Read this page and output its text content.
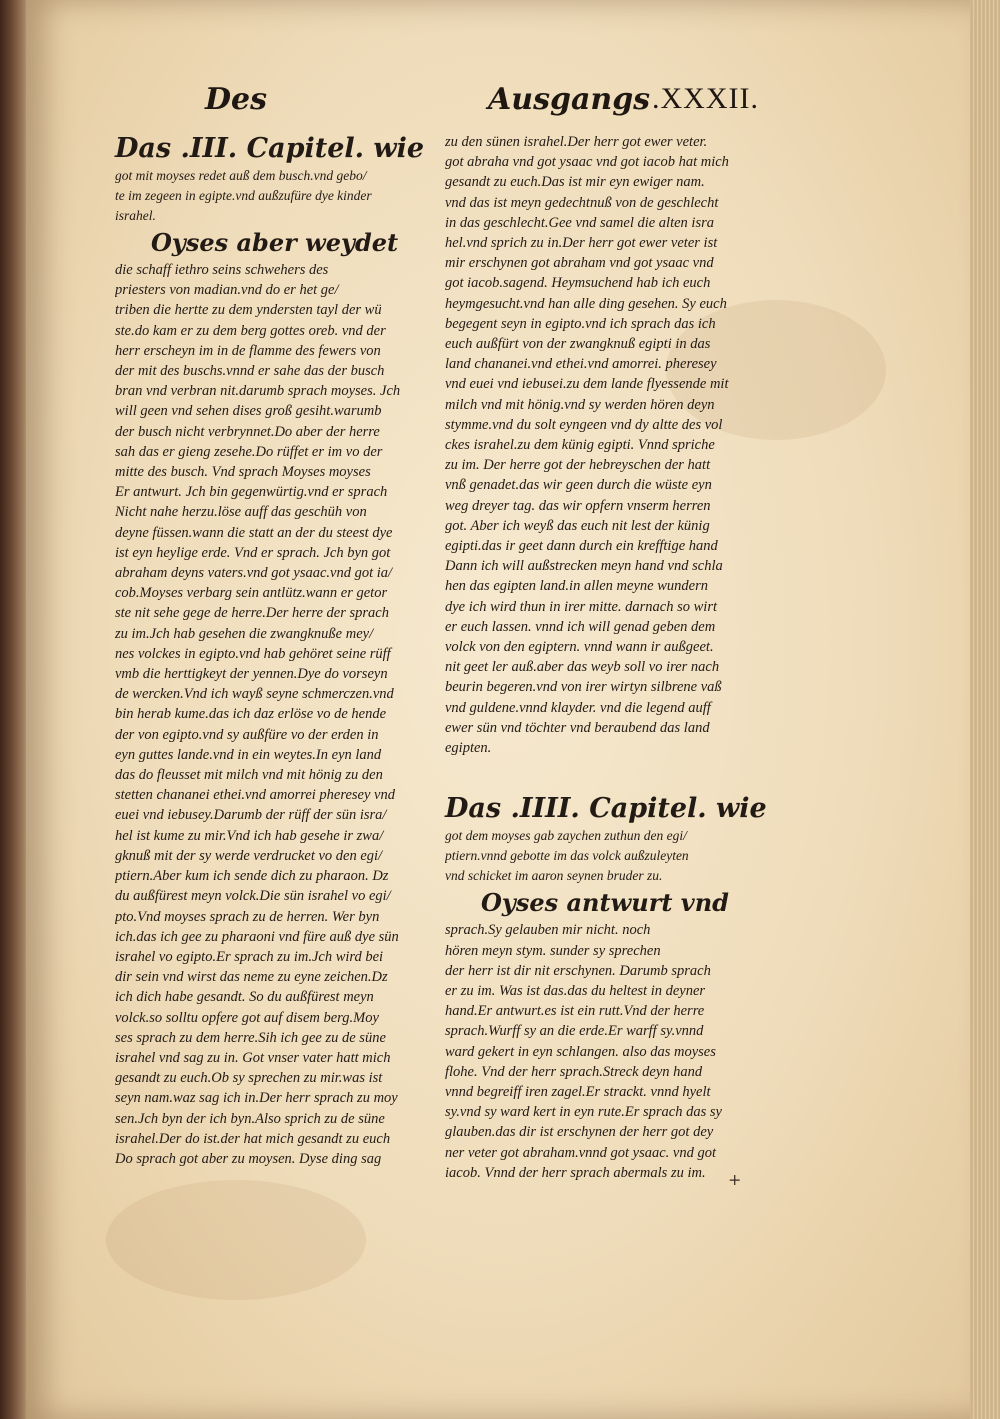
Des	Ausgangs .XXXII.
Das .III. Capitel. wie
got mit moyses redet auß dem busch.vnd gebo/
te im zegeen in egipte.vnd außzufüre dye kinder
israhel.
Oyses aber weydet
die schaff iethro seins schwehers des
priesters von madian.vnd do er het ge/
triben die hertte zu dem yndersten tayl der wü
ste.do kam er zu dem berg gottes oreb. vnd der
herr erscheyn im in de flamme des fewers von
der mit des buschs.vnnd er sahe das der busch
bran vnd verbran nit.darumb sprach moyses. Jch
will geen vnd sehen dises groß gesiht.warumb
der busch nicht verbrynnet.Do aber der herre
sah das er gieng zesehe.Do rüffet er im vo der
mitte des busch. Vnd sprach Moyses moyses
Er antwurt. Jch bin gegenwürtig.vnd er sprach
Nicht nahe herzu.löse auff das geschüh von
deyne füssen.wann die statt an der du steest dye
ist eyn heylige erde. Vnd er sprach. Jch byn got
abraham deyns vaters.vnd got ysaac.vnd got ia/
cob.Moyses verbarg sein antlütz.wann er getor
ste nit sehe gege de herre.Der herre der sprach
zu im.Jch hab gesehen die zwangknuße mey/
nes volckes in egipto.vnd hab gehöret seine rüff
vmb die herttigkeyt der yennen.Dye do vorseyn
de wercken.Vnd ich wayß seyne schmerczen.vnd
bin herab kume.das ich daz erlöse vo de hende
der von egipto.vnd sy außfüre vo der erden in
eyn guttes lande.vnd in ein weytes.In eyn land
das do fleusset mit milch vnd mit hönig zu den
stetten chananei ethei.vnd amorrei pheresey vnd
euei vnd iebusey.Darumb der rüff der sün isra/
hel ist kume zu mir.Vnd ich hab gesehe ir zwa/
gknuß mit der sy werde verdrucket vo den egi/
ptiern.Aber kum ich sende dich zu pharaon. Dz
du außfürest meyn volck.Die sün israhel vo egi/
pto.Vnd moyses sprach zu de herren. Wer byn
ich.das ich gee zu pharaoni vnd füre auß dye sün
israhel vo egipto.Er sprach zu im.Jch wird bei
dir sein vnd wirst das neme zu eyne zeichen.Dz
ich dich habe gesandt. So du außfürest meyn
volck.so solltu opfere got auf disem berg.Moy
ses sprach zu dem herre.Sih ich gee zu de süne
israhel vnd sag zu in. Got vnser vater hatt mich
gesandt zu euch.Ob sy sprechen zu mir.was ist
seyn nam.waz sag ich in.Der herr sprach zu moy
sen.Jch byn der ich byn.Also sprich zu de süne
israhel.Der do ist.der hat mich gesandt zu euch
Do sprach got aber zu moysen. Dyse ding sag
zu den sünen israhel.Der herr got ewer veter.
got abraha vnd got ysaac vnd got iacob hat mich
gesandt zu euch.Das ist mir eyn ewiger nam.
vnd das ist meyn gedechtnuß von de geschlecht
in das geschlecht.Gee vnd samel die alten isra
hel.vnd sprich zu in.Der herr got ewer veter ist
mir erschynen got abraham vnd got ysaac vnd
got iacob.sagend. Heymsuchend hab ich euch
heymgesucht.vnd han alle ding gesehen. Sy euch
begegent seyn in egipto.vnd ich sprach das ich
euch außfürt von der zwangknuß egipti in das
land chananei.vnd ethei.vnd amorrei. pheresey
vnd euei vnd iebusei.zu dem lande flyessende mit
milch vnd mit hönig.vnd sy werden hören deyn
stymme.vnd du solt eyngeen vnd dy altte des vol
ckes israhel.zu dem künig egipti. Vnnd spriche
zu im. Der herre got der hebreyschen der hatt
vnß genadet.das wir geen durch die wüste eyn
weg dreyer tag. das wir opfern vnserm herren
got. Aber ich weyß das euch nit lest der künig
egipti.das ir geet dann durch ein krefftige hand
Dann ich will außstrecken meyn hand vnd schla
hen das egipten land.in allen meyne wundern
dye ich wird thun in irer mitte. darnach so wirt
er euch lassen. vnnd ich will genad geben dem
volck von den egiptern. vnnd wann ir außgeet.
nit geet ler auß.aber das weyb soll vo irer nach
beurin begeren.vnd von irer wirtyn silbrene vaß
vnd guldene.vnnd klayder. vnd die legend auff
ewer sün vnd töchter vnd beraubend das land
egipten.
Das .IIII. Capitel. wie
got dem moyses gab zaychen zuthun den egi/
ptiern.vnnd gebotte im das volck außzuleyten
vnd schicket im aaron seynen bruder zu.
Oyses antwurt vnd
sprach.Sy gelauben mir nicht. noch
hören meyn stym. sunder sy sprechen
der herr ist dir nit erschynen. Darumb sprach
er zu im. Was ist das.das du heltest in deyner
hand.Er antwurt.es ist ein rutt.Vnd der herre
sprach.Wurff sy an die erde.Er warff sy.vnnd
ward gekert in eyn schlangen. also das moyses
flohe. Vnd der herr sprach.Streck deyn hand
vnnd begreiff iren zagel.Er strackt. vnnd hyelt
sy.vnd sy ward kert in eyn rute.Er sprach das sy
glauben.das dir ist erschynen der herr got dey
ner veter got abraham.vnnd got ysaac. vnd got
iacob. Vnnd der herr sprach abermals zu im.	+
